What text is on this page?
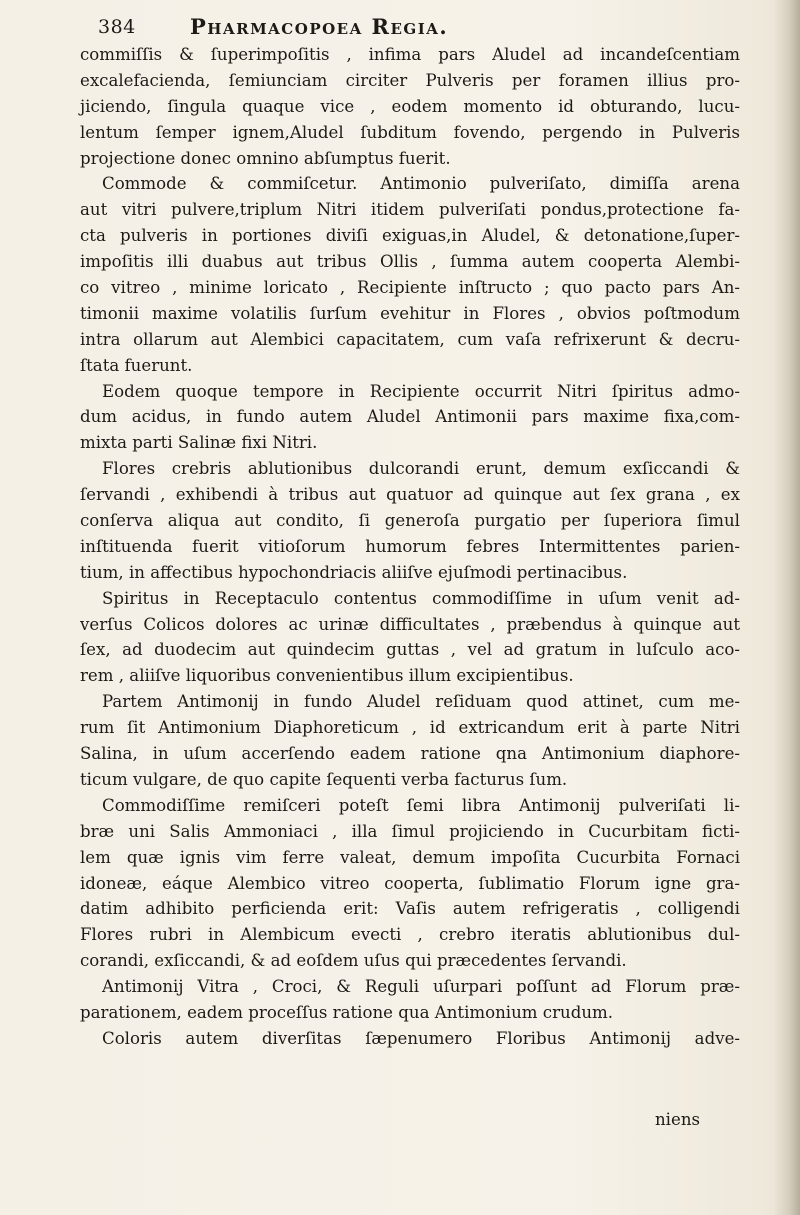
384	Pharmacopoea Regia.
commiſſis & ſuperimpoſitis , infima pars Aludel ad incandeſcentiam
excalefacienda, ſemiunciam circiter Pulveris per foramen illius pro-
jiciendo, ſingula quaque vice , eodem momento id obturando, lucu-
lentum ſemper ignem,Aludel ſubditum fovendo, pergendo in Pulveris
projectione donec omnino abſumptus fuerit.
Commode & commiſcetur. Antimonio pulveriſato, dimiſſa arena
aut vitri pulvere,triplum Nitri itidem pulveriſati pondus,protectione fa-
cta pulveris in portiones diviſi exiguas,in Aludel, & detonatione,ſuper-
impoſitis illi duabus aut tribus Ollis , ſumma autem cooperta Alembi-
co vitreo , minime loricato , Recipiente inſtructo ; quo pacto pars An-
timonii maxime volatilis ſurſum evehitur in Flores , obvios poſtmodum
intra ollarum aut Alembici capacitatem, cum vaſa refrixerunt & decru-
ſtata fuerunt.
Eodem quoque tempore in Recipiente occurrit Nitri ſpiritus admo-
dum acidus, in fundo autem Aludel Antimonii pars maxime fixa,com-
mixta parti Salinæ fixi Nitri.
Flores crebris ablutionibus dulcorandi erunt, demum exſiccandi &
ſervandi , exhibendi à tribus aut quatuor ad quinque aut ſex grana , ex
conſerva aliqua aut condito, ſi generoſa purgatio per ſuperiora ſimul
inſtituenda fuerit vitioſorum humorum febres Intermittentes parien-
tium, in affectibus hypochondriacis aliiſve ejuſmodi pertinacibus.
Spiritus in Receptaculo contentus commodiſſime in uſum venit ad-
verſus Colicos dolores ac urinæ difficultates , præbendus à quinque aut
ſex, ad duodecim aut quindecim guttas , vel ad gratum in luſculo aco-
rem , aliiſve liquoribus convenientibus illum excipientibus.
Partem Antimonij in fundo Aludel reſiduam quod attinet, cum me-
rum ſit Antimonium Diaphoreticum , id extricandum erit à parte Nitri
Salina, in uſum accerſendo eadem ratione qna Antimonium diaphore-
ticum vulgare, de quo capite ſequenti verba facturus ſum.
Commodiſſime remiſceri poteſt ſemi libra Antimonij pulveriſati li-
bræ uni Salis Ammoniaci , illa ſimul projiciendo in Cucurbitam ficti-
lem quæ ignis vim ferre valeat, demum impoſita Cucurbita Fornaci
idoneæ, eáque Alembico vitreo cooperta, ſublimatio Florum igne gra-
datim adhibito perficienda erit: Vaſis autem refrigeratis , colligendi
Flores rubri in Alembicum evecti , crebro iteratis ablutionibus dul-
corandi, exſiccandi, & ad eoſdem uſus qui præcedentes ſervandi.
Antimonij Vitra , Croci, & Reguli uſurpari poſſunt ad Florum præ-
parationem, eadem proceſſus ratione qua Antimonium crudum.
Coloris autem diverſitas ſæpenumero Floribus Antimonij adve-
niens
